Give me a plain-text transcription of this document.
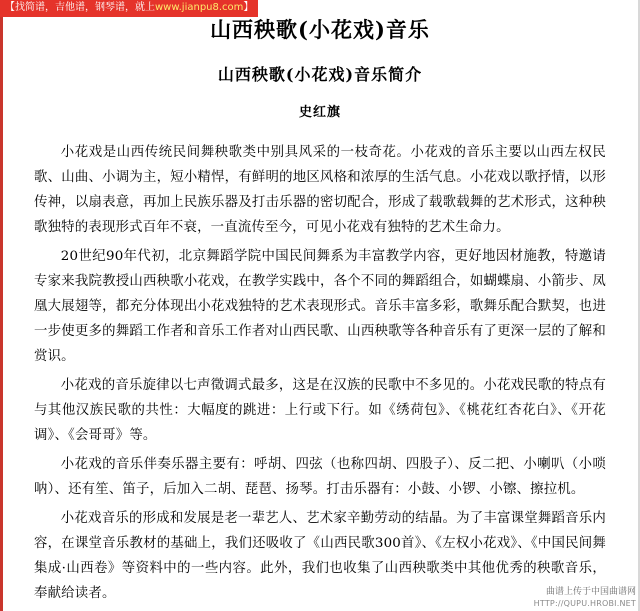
【找简谱，吉他谱，钢琴谱，就上www.jianpu8.com】
山西秧歌(小花戏)音乐
山西秧歌(小花戏)音乐简介
史红旗

小花戏是山西传统民间舞秧歌类中别具风采的一枝奇花。小花戏的音乐主要以山西左权民歌、山曲、小调为主，短小精悍，有鲜明的地区风格和浓厚的生活气息。小花戏以歌抒情，以形传神，以扇表意，再加上民族乐器及打击乐器的密切配合，形成了载歌载舞的艺术形式，这种秧歌独特的表现形式百年不衰，一直流传至今，可见小花戏有独特的艺术生命力。

20世纪90年代初，北京舞蹈学院中国民间舞系为丰富教学内容，更好地因材施教，特邀请专家来我院教授山西秧歌小花戏，在教学实践中，各个不同的舞蹈组合，如蝴蝶扇、小箭步、凤凰大展翅等，都充分体现出小花戏独特的艺术表现形式。音乐丰富多彩，歌舞乐配合默契，也进一步使更多的舞蹈工作者和音乐工作者对山西民歌、山西秧歌等各种音乐有了更深一层的了解和赏识。

小花戏的音乐旋律以七声徵调式最多，这是在汉族的民歌中不多见的。小花戏民歌的特点有与其他汉族民歌的共性：大幅度的跳进：上行或下行。如《绣荷包》、《桃花红杏花白》、《开花调》、《会哥哥》等。

小花戏的音乐伴奏乐器主要有：呼胡、四弦（也称四胡、四股子）、反二把、小喇叭（小唢呐）、还有笙、笛子，后加入二胡、琵琶、扬琴。打击乐器有：小鼓、小锣、小镲、擦拉机。

小花戏音乐的形成和发展是老一辈艺人、艺术家辛勤劳动的结晶。为了丰富课堂舞蹈音乐内容，在课堂音乐教材的基础上，我们还吸收了《山西民歌300首》、《左权小花戏》、《中国民间舞集成·山西卷》等资料中的一些内容。此外，我们也收集了山西秧歌类中其他优秀的秧歌音乐，奉献给读者。	曲谱上传于中国曲谱网
HTTP://QUPU.HROBI.NET
